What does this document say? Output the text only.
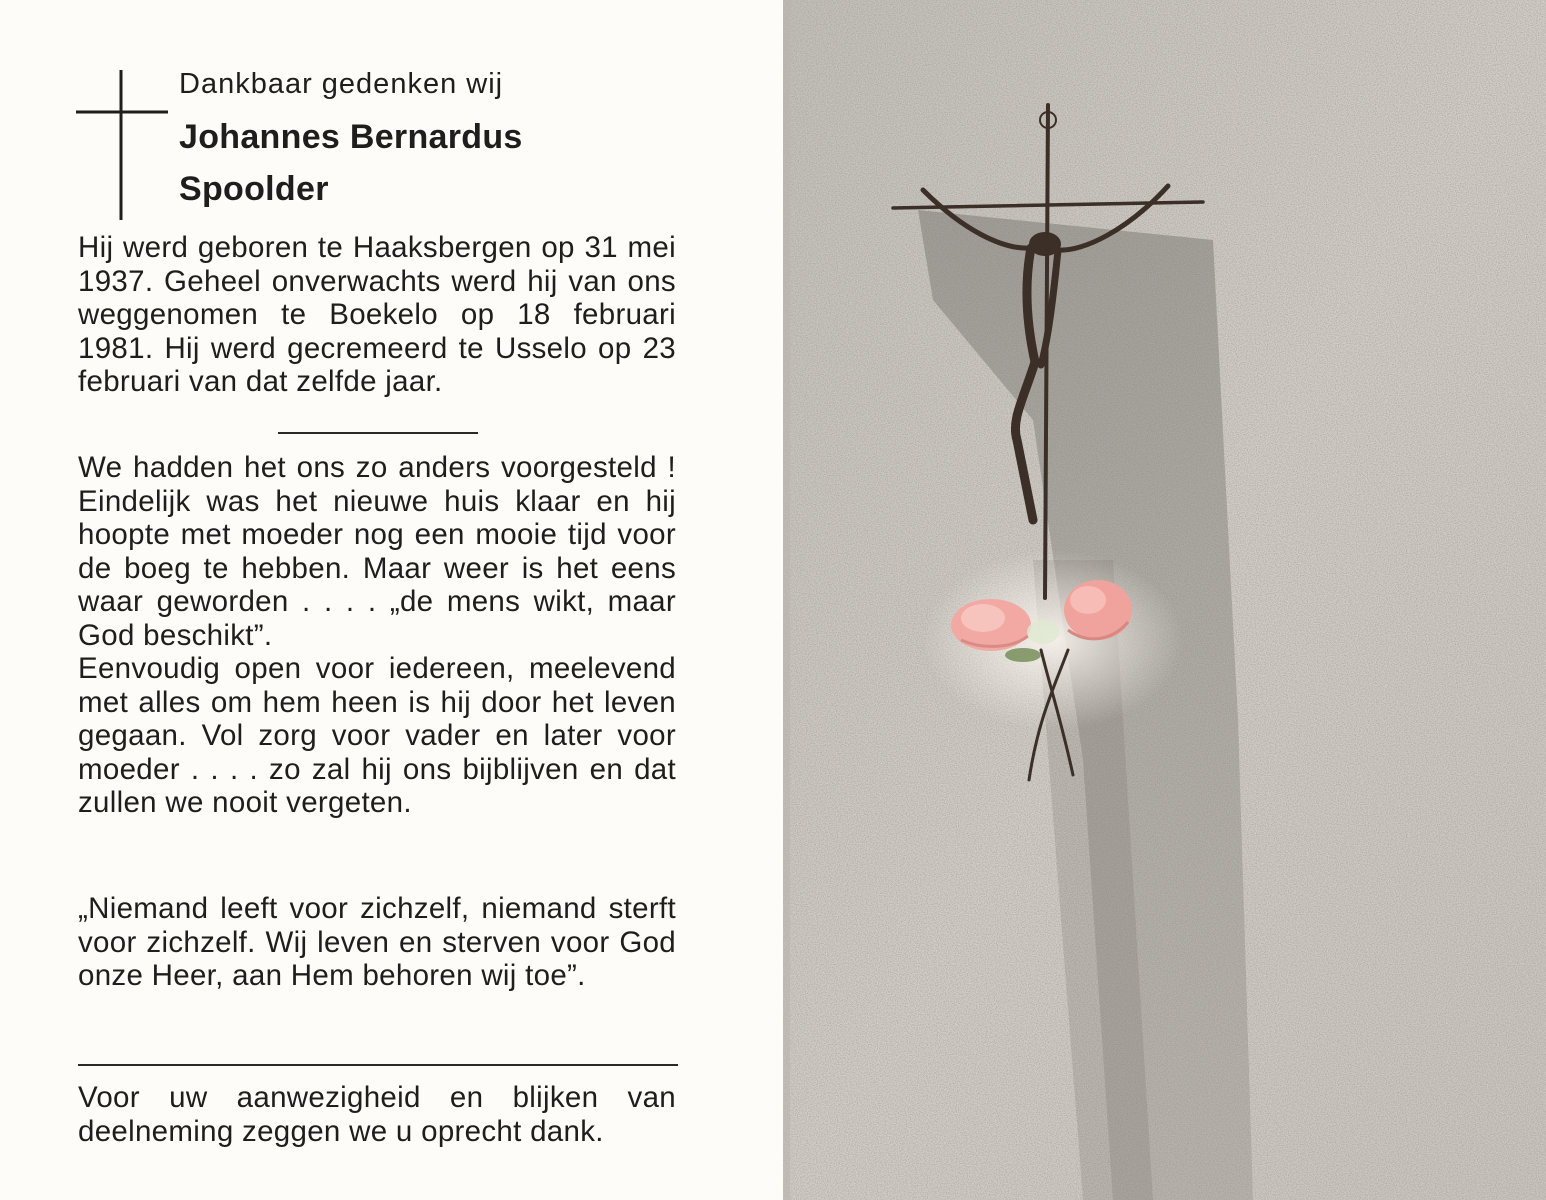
Dankbaar gedenken wij
Johannes Bernardus
Spoolder

Hij werd geboren te Haaksbergen op 31 mei 1937. Geheel onverwachts werd hij van ons weggenomen te Boekelo op 18 februari 1981. Hij werd gecremeerd te Usselo op 23 februari van dat zelfde jaar.

We hadden het ons zo anders voorgesteld ! Eindelijk was het nieuwe huis klaar en hij hoopte met moeder nog een mooie tijd voor de boeg te hebben. Maar weer is het eens waar geworden . . . . „de mens wikt, maar God beschikt”.

Eenvoudig open voor iedereen, meelevend met alles om hem heen is hij door het leven gegaan. Vol zorg voor vader en later voor moeder . . . . zo zal hij ons bijblijven en dat zullen we nooit vergeten.

„Niemand leeft voor zichzelf, niemand sterft voor zichzelf. Wij leven en sterven voor God onze Heer, aan Hem behoren wij toe”.

Voor uw aanwezigheid en blijken van deelneming zeggen we u oprecht dank.
